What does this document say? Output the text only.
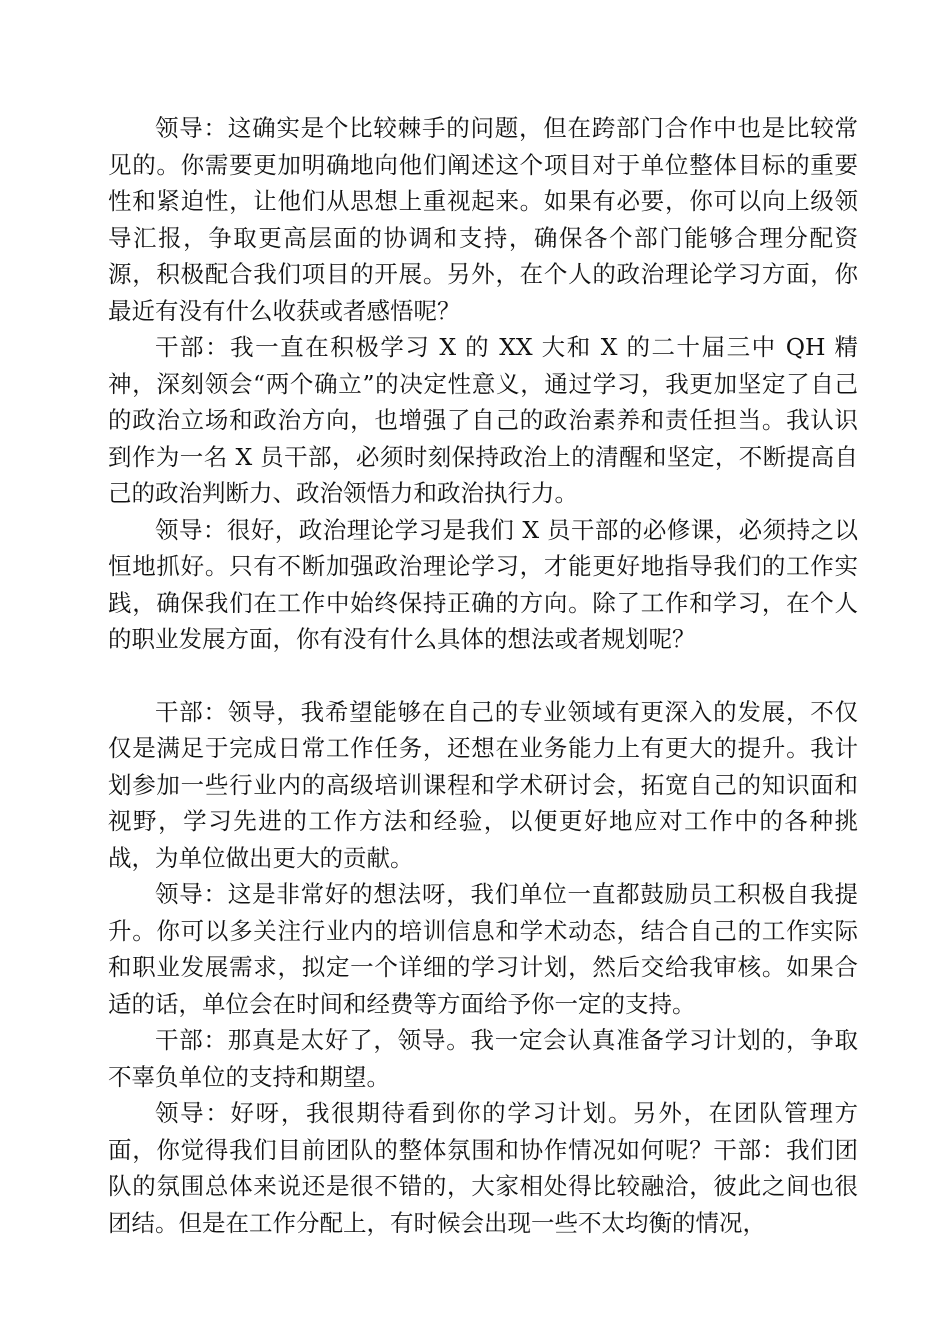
领导：这确实是个比较棘手的问题，但在跨部门合作中也是比较常见的。你需要更加明确地向他们阐述这个项目对于单位整体目标的重要性和紧迫性，让他们从思想上重视起来。如果有必要，你可以向上级领导汇报，争取更高层面的协调和支持，确保各个部门能够合理分配资源，积极配合我们项目的开展。另外，在个人的政治理论学习方面，你最近有没有什么收获或者感悟呢？

干部：我一直在积极学习 X 的 XX 大和 X 的二十届三中 QH 精神，深刻领会“两个确立”的决定性意义，通过学习，我更加坚定了自己的政治立场和政治方向，也增强了自己的政治素养和责任担当。我认识到作为一名 X 员干部，必须时刻保持政治上的清醒和坚定，不断提高自己的政治判断力、政治领悟力和政治执行力。

领导：很好，政治理论学习是我们 X 员干部的必修课，必须持之以恒地抓好。只有不断加强政治理论学习，才能更好地指导我们的工作实践，确保我们在工作中始终保持正确的方向。除了工作和学习，在个人的职业发展方面，你有没有什么具体的想法或者规划呢？

干部：领导，我希望能够在自己的专业领域有更深入的发展，不仅仅是满足于完成日常工作任务，还想在业务能力上有更大的提升。我计划参加一些行业内的高级培训课程和学术研讨会，拓宽自己的知识面和视野，学习先进的工作方法和经验，以便更好地应对工作中的各种挑战，为单位做出更大的贡献。

领导：这是非常好的想法呀，我们单位一直都鼓励员工积极自我提升。你可以多关注行业内的培训信息和学术动态，结合自己的工作实际和职业发展需求，拟定一个详细的学习计划，然后交给我审核。如果合适的话，单位会在时间和经费等方面给予你一定的支持。

干部：那真是太好了，领导。我一定会认真准备学习计划的，争取不辜负单位的支持和期望。

领导：好呀，我很期待看到你的学习计划。另外，在团队管理方面，你觉得我们目前团队的整体氛围和协作情况如何呢？干部：我们团队的氛围总体来说还是很不错的，大家相处得比较融洽，彼此之间也很团结。但是在工作分配上，有时候会出现一些不太均衡的情况，
